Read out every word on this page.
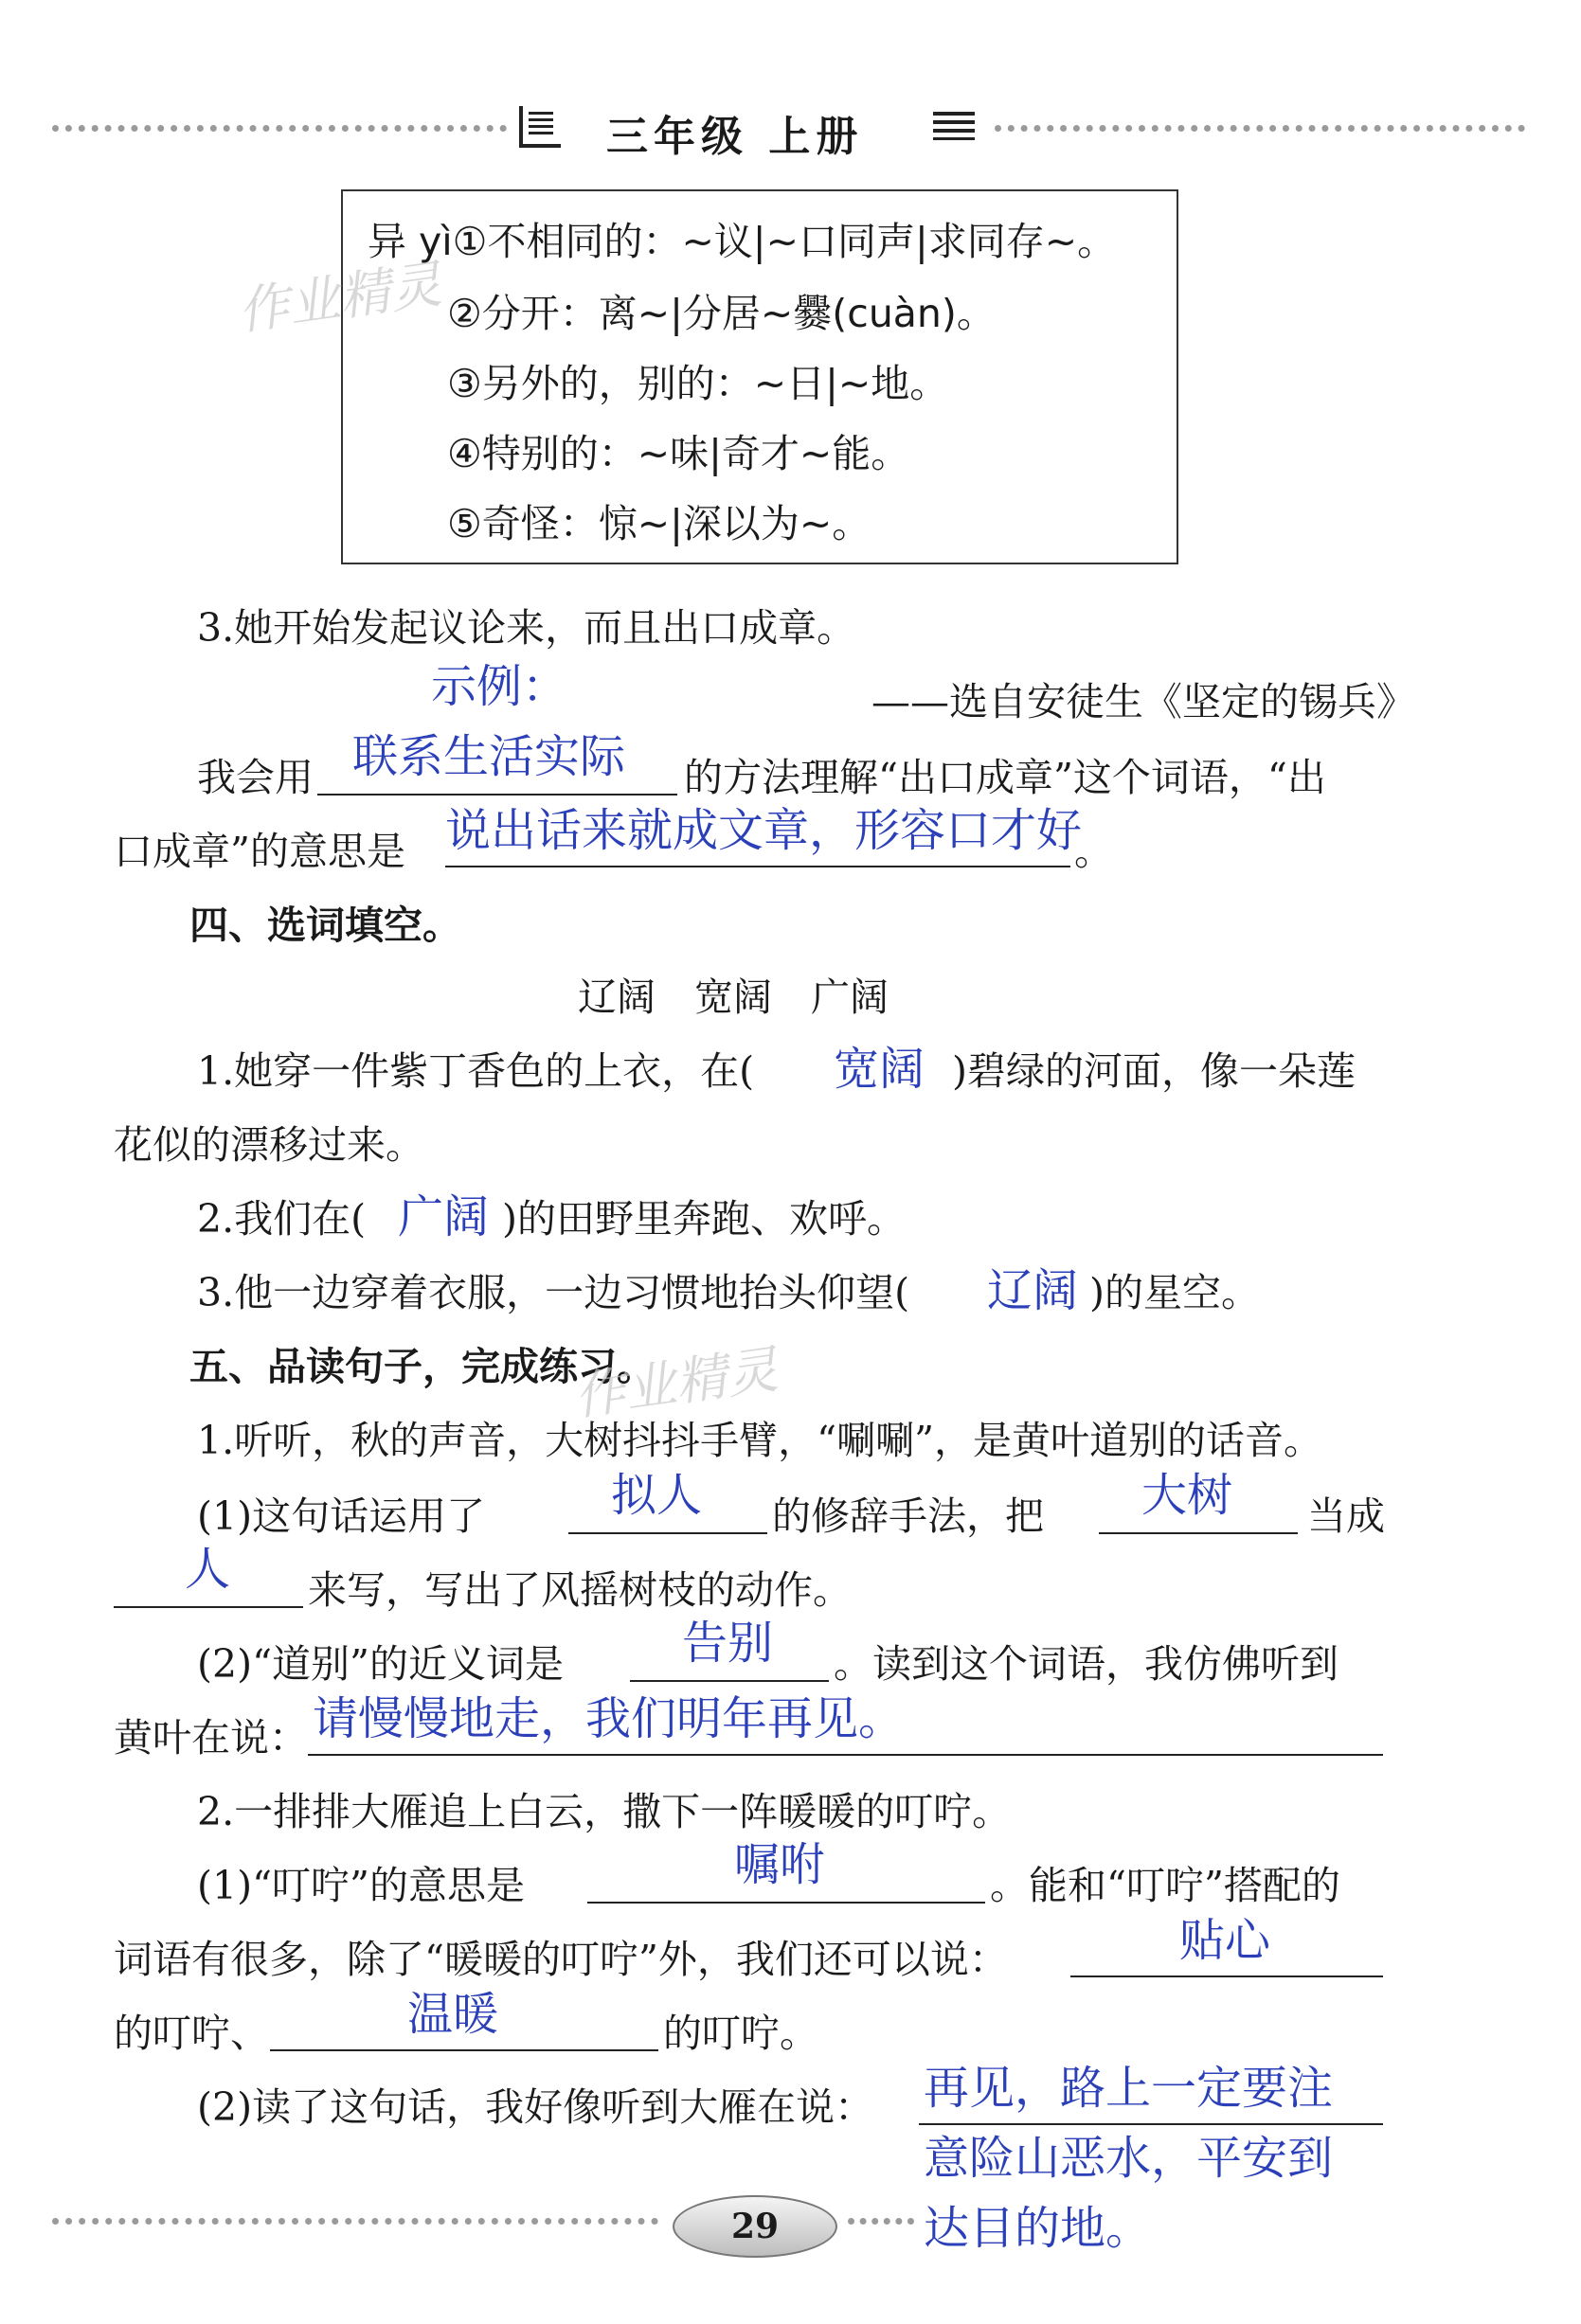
三年级 上册
异 yì①不相同的：~议|~口同声|求同存~。
②分开：离~|分居~爨(cuàn)。
③另外的，别的：~日|~地。
④特别的：~味|奇才~能。
⑤奇怪：惊~|深以为~。
作业精灵
3.她开始发起议论来，而且出口成章。
示例：	——选自安徒生《坚定的锡兵》
我会用 联系生活实际 的方法理解“出口成章”这个词语，“出
口成章”的意思是 说出话来就成文章，形容口才好
。
四、选词填空。
辽阔　宽阔　广阔
1.她穿一件紫丁香色的上衣，在( 宽阔 )碧绿的河面，像一朵莲
花似的漂移过来。
2.我们在( 广阔 )的田野里奔跑、欢呼。
3.他一边穿着衣服，一边习惯地抬头仰望( 辽阔 )的星空。
五、品读句子，完成练习。
作业精灵
1.听听，秋的声音，大树抖抖手臂，“唰唰”，是黄叶道别的话音。
(1)这句话运用了	拟人 的修辞手法，把 大树 当成
人 来写，写出了风摇树枝的动作。
(2)“道别”的近义词是	告别 。读到这个词语，我仿佛听到
黄叶在说： 请慢慢地走，我们明年再见。
2.一排排大雁追上白云，撒下一阵暖暖的叮咛。
(1)“叮咛”的意思是	嘱咐	。能和“叮咛”搭配的
词语有很多，除了“暖暖的叮咛”外，我们还可以说：	贴心
的叮咛、	温暖	的叮咛。
(2)读了这句话，我好像听到大雁在说： 再见，路上一定要注
意险山恶水，平安到
达目的地。
29
